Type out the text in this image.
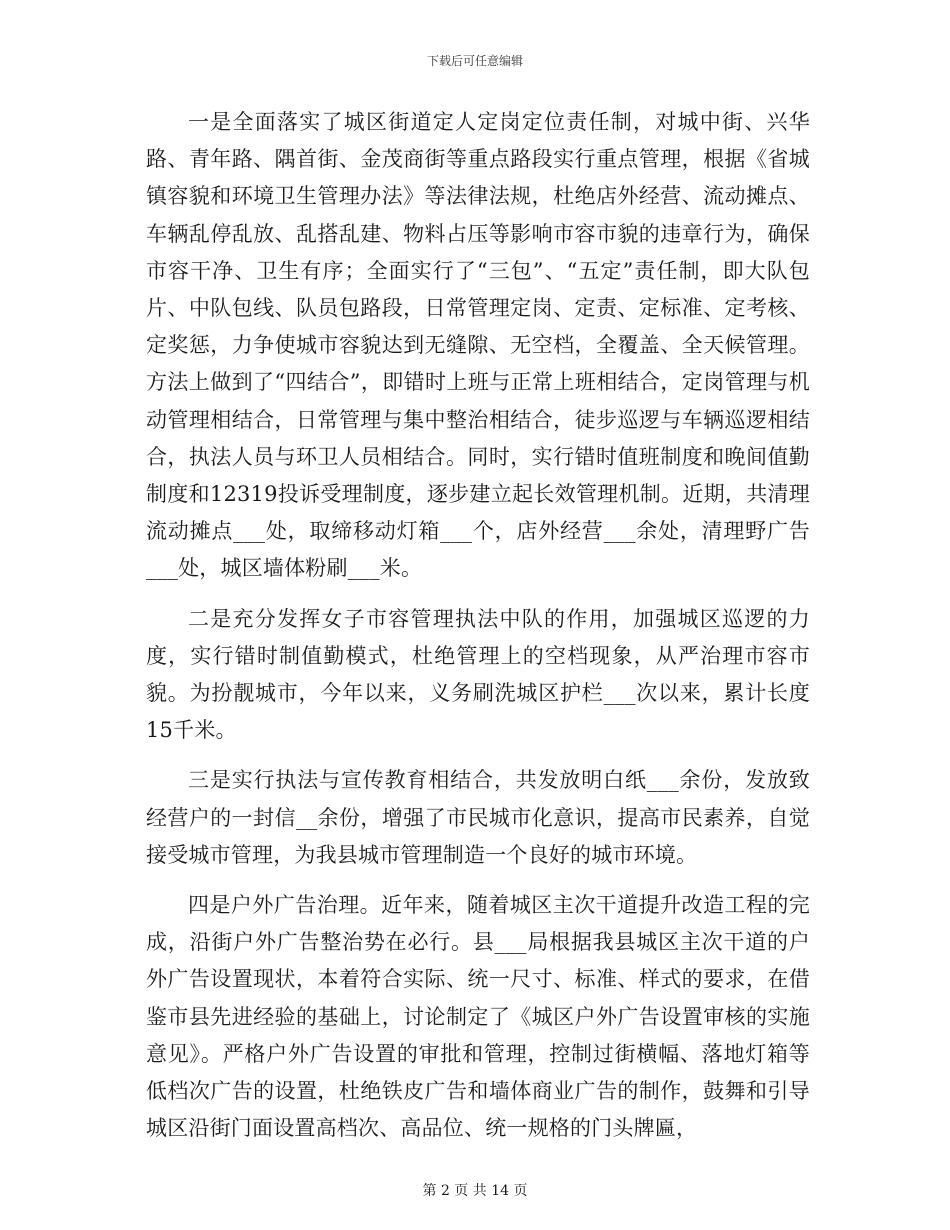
下载后可任意编辑

一是全面落实了城区街道定人定岗定位责任制，对城中街、兴华路、青年路、隅首街、金茂商街等重点路段实行重点管理，根据《省城镇容貌和环境卫生管理办法》等法律法规，杜绝店外经营、流动摊点、车辆乱停乱放、乱搭乱建、物料占压等影响市容市貌的违章行为，确保市容干净、卫生有序；全面实行了“三包”、“五定”责任制，即大队包片、中队包线、队员包路段，日常管理定岗、定责、定标准、定考核、定奖惩，力争使城市容貌达到无缝隙、无空档，全覆盖、全天候管理。方法上做到了“四结合”，即错时上班与正常上班相结合，定岗管理与机动管理相结合，日常管理与集中整治相结合，徒步巡逻与车辆巡逻相结合，执法人员与环卫人员相结合。同时，实行错时值班制度和晚间值勤制度和12319投诉受理制度，逐步建立起长效管理机制。近期，共清理流动摊点___处，取缔移动灯箱___个，店外经营___余处，清理野广告___处，城区墙体粉刷___米。

二是充分发挥女子市容管理执法中队的作用，加强城区巡逻的力度，实行错时制值勤模式，杜绝管理上的空档现象，从严治理市容市貌。为扮靓城市，今年以来，义务刷洗城区护栏___次以来，累计长度15千米。

三是实行执法与宣传教育相结合，共发放明白纸___余份，发放致经营户的一封信__余份，增强了市民城市化意识，提高市民素养，自觉接受城市管理，为我县城市管理制造一个良好的城市环境。

四是户外广告治理。近年来，随着城区主次干道提升改造工程的完成，沿街户外广告整治势在必行。县___局根据我县城区主次干道的户外广告设置现状，本着符合实际、统一尺寸、标准、样式的要求，在借鉴市县先进经验的基础上，讨论制定了《城区户外广告设置审核的实施意见》。严格户外广告设置的审批和管理，控制过街横幅、落地灯箱等低档次广告的设置，杜绝铁皮广告和墙体商业广告的制作，鼓舞和引导城区沿街门面设置高档次、高品位、统一规格的门头牌匾，

第 2 页 共 14 页
